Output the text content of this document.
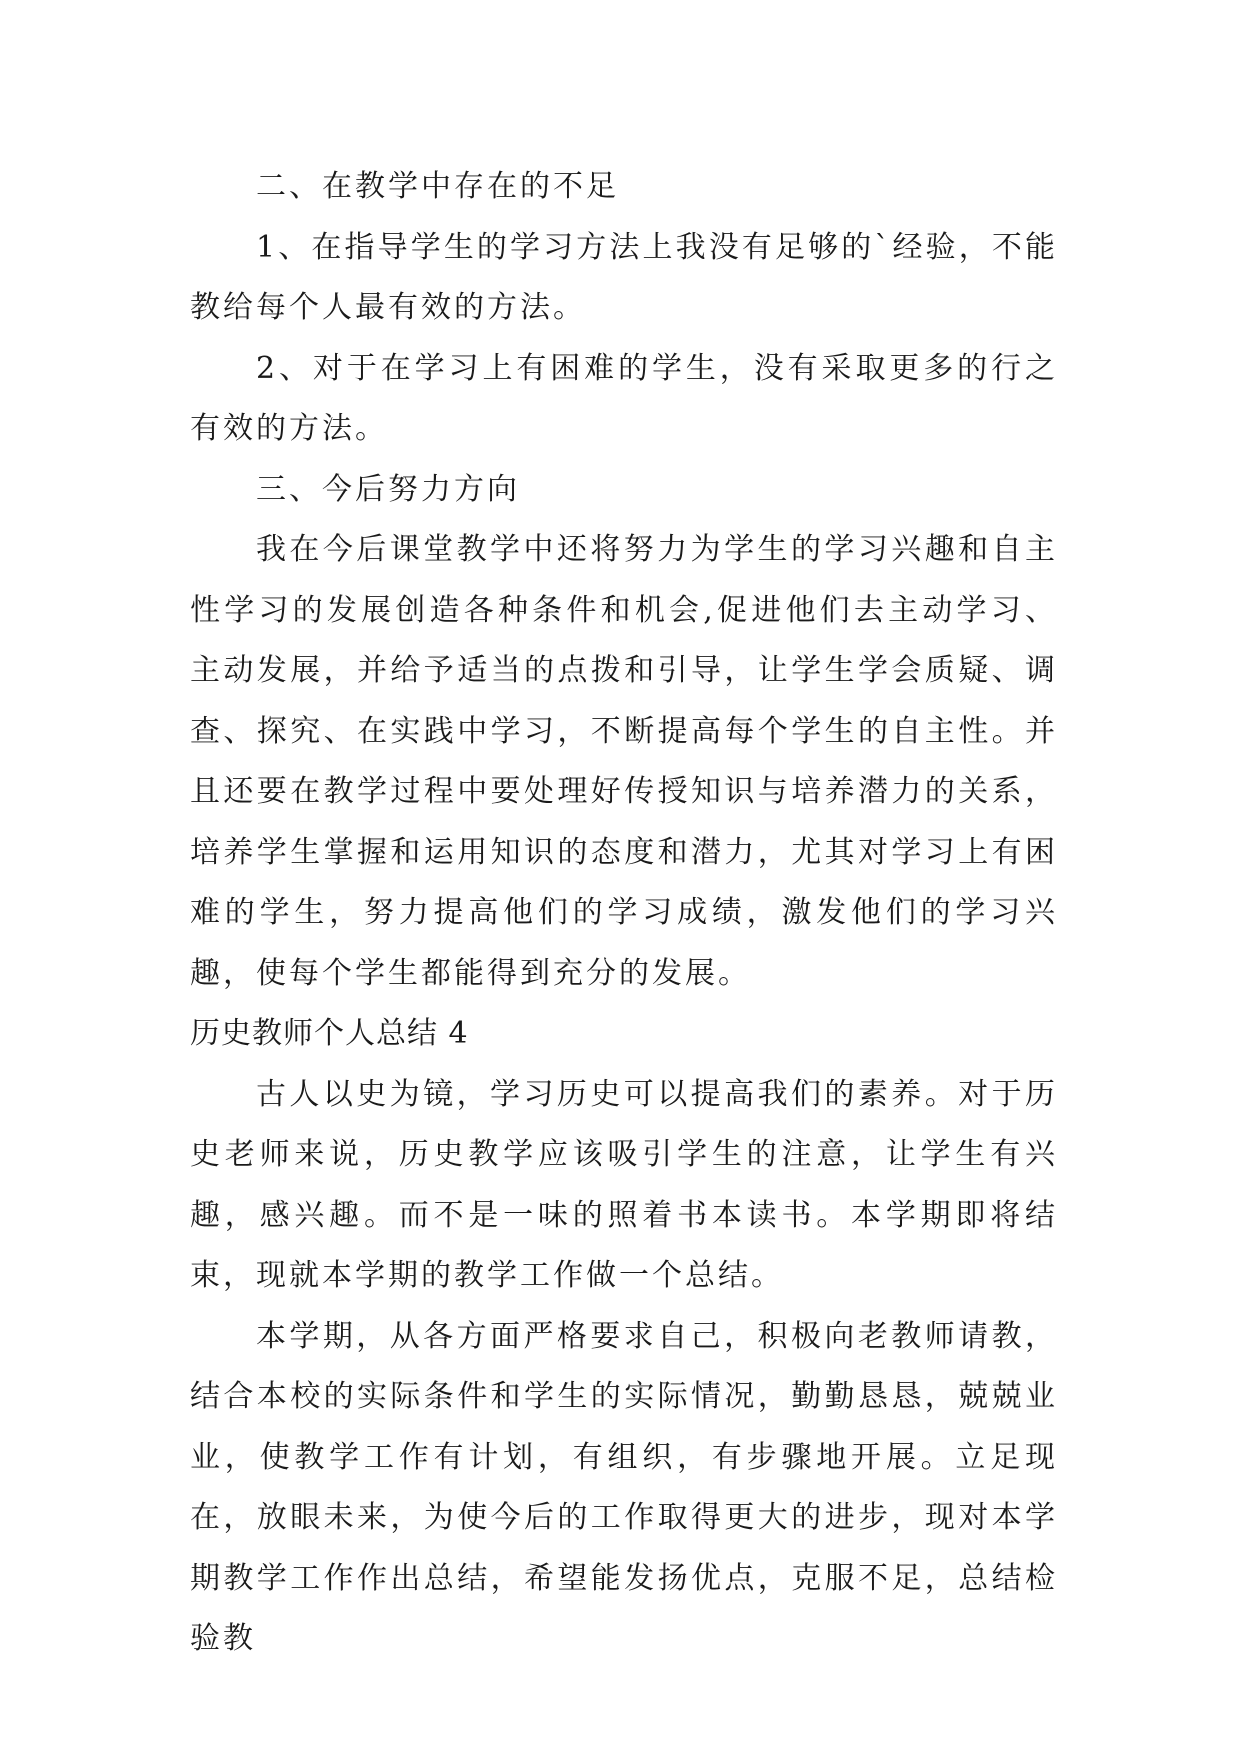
二、在教学中存在的不足

1、在指导学生的学习方法上我没有足够的`经验，不能教给每个人最有效的方法。

2、对于在学习上有困难的学生，没有采取更多的行之有效的方法。

三、今后努力方向

我在今后课堂教学中还将努力为学生的学习兴趣和自主性学习的发展创造各种条件和机会,促进他们去主动学习、主动发展，并给予适当的点拨和引导，让学生学会质疑、调查、探究、在实践中学习，不断提高每个学生的自主性。并且还要在教学过程中要处理好传授知识与培养潜力的关系，培养学生掌握和运用知识的态度和潜力，尤其对学习上有困难的学生，努力提高他们的学习成绩，激发他们的学习兴趣，使每个学生都能得到充分的发展。

历史教师个人总结 4

古人以史为镜，学习历史可以提高我们的素养。对于历史老师来说，历史教学应该吸引学生的注意，让学生有兴趣，感兴趣。而不是一味的照着书本读书。本学期即将结束，现就本学期的教学工作做一个总结。

本学期，从各方面严格要求自己，积极向老教师请教，结合本校的实际条件和学生的实际情况，勤勤恳恳，兢兢业业，使教学工作有计划，有组织，有步骤地开展。立足现在，放眼未来，为使今后的工作取得更大的进步，现对本学期教学工作作出总结，希望能发扬优点，克服不足，总结检验教
